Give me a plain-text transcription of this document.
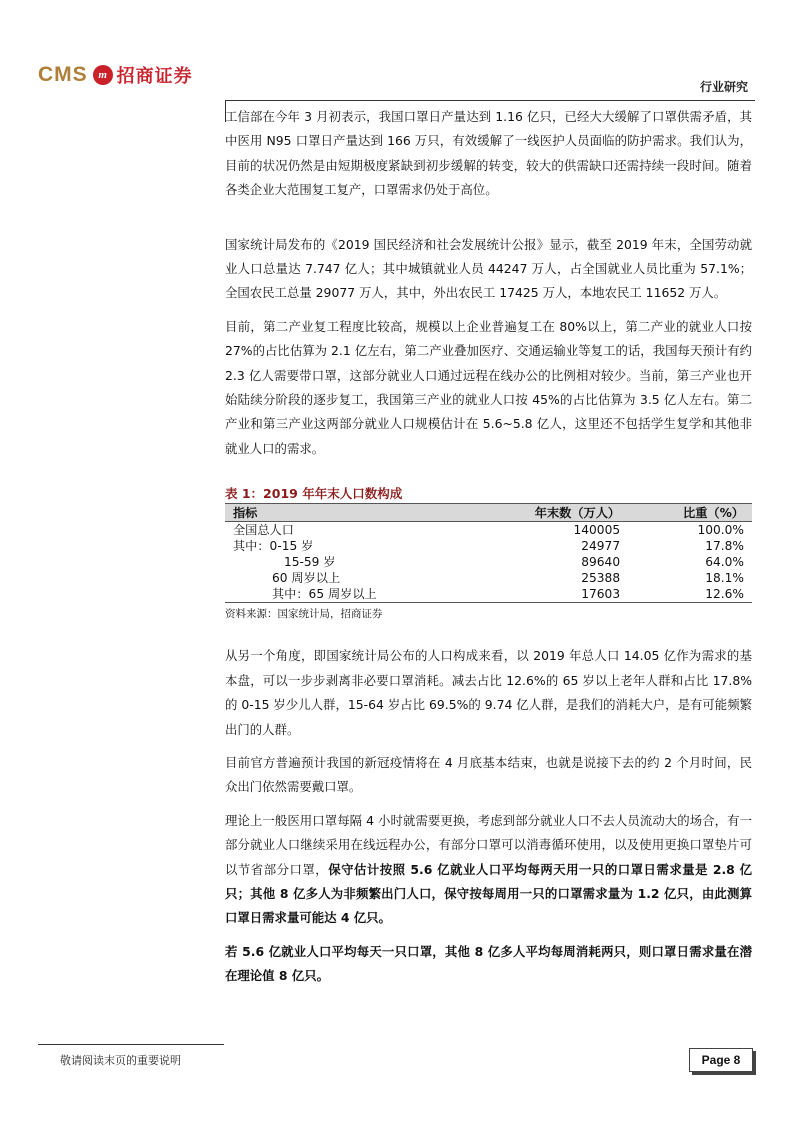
CMS m 招商证券	行业研究

工信部在今年 3 月初表示，我国口罩日产量达到 1.16 亿只，已经大大缓解了口罩供需矛盾，其中医用 N95 口罩日产量达到 166 万只，有效缓解了一线医护人员面临的防护需求。我们认为，目前的状况仍然是由短期极度紧缺到初步缓解的转变，较大的供需缺口还需持续一段时间。随着各类企业大范围复工复产，口罩需求仍处于高位。

国家统计局发布的《2019 国民经济和社会发展统计公报》显示，截至 2019 年末，全国劳动就业人口总量达 7.747 亿人；其中城镇就业人员 44247 万人，占全国就业人员比重为 57.1%；全国农民工总量 29077 万人，其中，外出农民工 17425 万人，本地农民工 11652 万人。

目前，第二产业复工程度比较高，规模以上企业普遍复工在 80%以上，第二产业的就业人口按 27%的占比估算为 2.1 亿左右，第二产业叠加医疗、交通运输业等复工的话，我国每天预计有约 2.3 亿人需要带口罩，这部分就业人口通过远程在线办公的比例相对较少。当前，第三产业也开始陆续分阶段的逐步复工，我国第三产业的就业人口按 45%的占比估算为 3.5 亿人左右。第二产业和第三产业这两部分就业人口规模估计在 5.6~5.8 亿人，这里还不包括学生复学和其他非就业人口的需求。

表 1：2019 年年末人口数构成
指标	年末数（万人）	比重（%）
全国总人口	140005	100.0%
其中：0-15 岁	24977	17.8%
15-59 岁	89640	64.0%
60 周岁以上	25388	18.1%
其中：65 周岁以上	17603	12.6%
资料来源：国家统计局，招商证券

从另一个角度，即国家统计局公布的人口构成来看，以 2019 年总人口 14.05 亿作为需求的基本盘，可以一步步剥离非必要口罩消耗。减去占比 12.6%的 65 岁以上老年人群和占比 17.8%的 0-15 岁少儿人群，15-64 岁占比 69.5%的 9.74 亿人群，是我们的消耗大户，是有可能频繁出门的人群。

目前官方普遍预计我国的新冠疫情将在 4 月底基本结束，也就是说接下去的约 2 个月时间，民众出门依然需要戴口罩。

理论上一般医用口罩每隔 4 小时就需要更换，考虑到部分就业人口不去人员流动大的场合，有一部分就业人口继续采用在线远程办公，有部分口罩可以消毒循环使用，以及使用更换口罩垫片可以节省部分口罩，保守估计按照 5.6 亿就业人口平均每两天用一只的口罩日需求量是 2.8 亿只；其他 8 亿多人为非频繁出门人口，保守按每周用一只的口罩需求量为 1.2 亿只，由此测算口罩日需求量可能达 4 亿只。

若 5.6 亿就业人口平均每天一只口罩，其他 8 亿多人平均每周消耗两只，则口罩日需求量在潜在理论值 8 亿只。

敬请阅读末页的重要说明	Page 8
